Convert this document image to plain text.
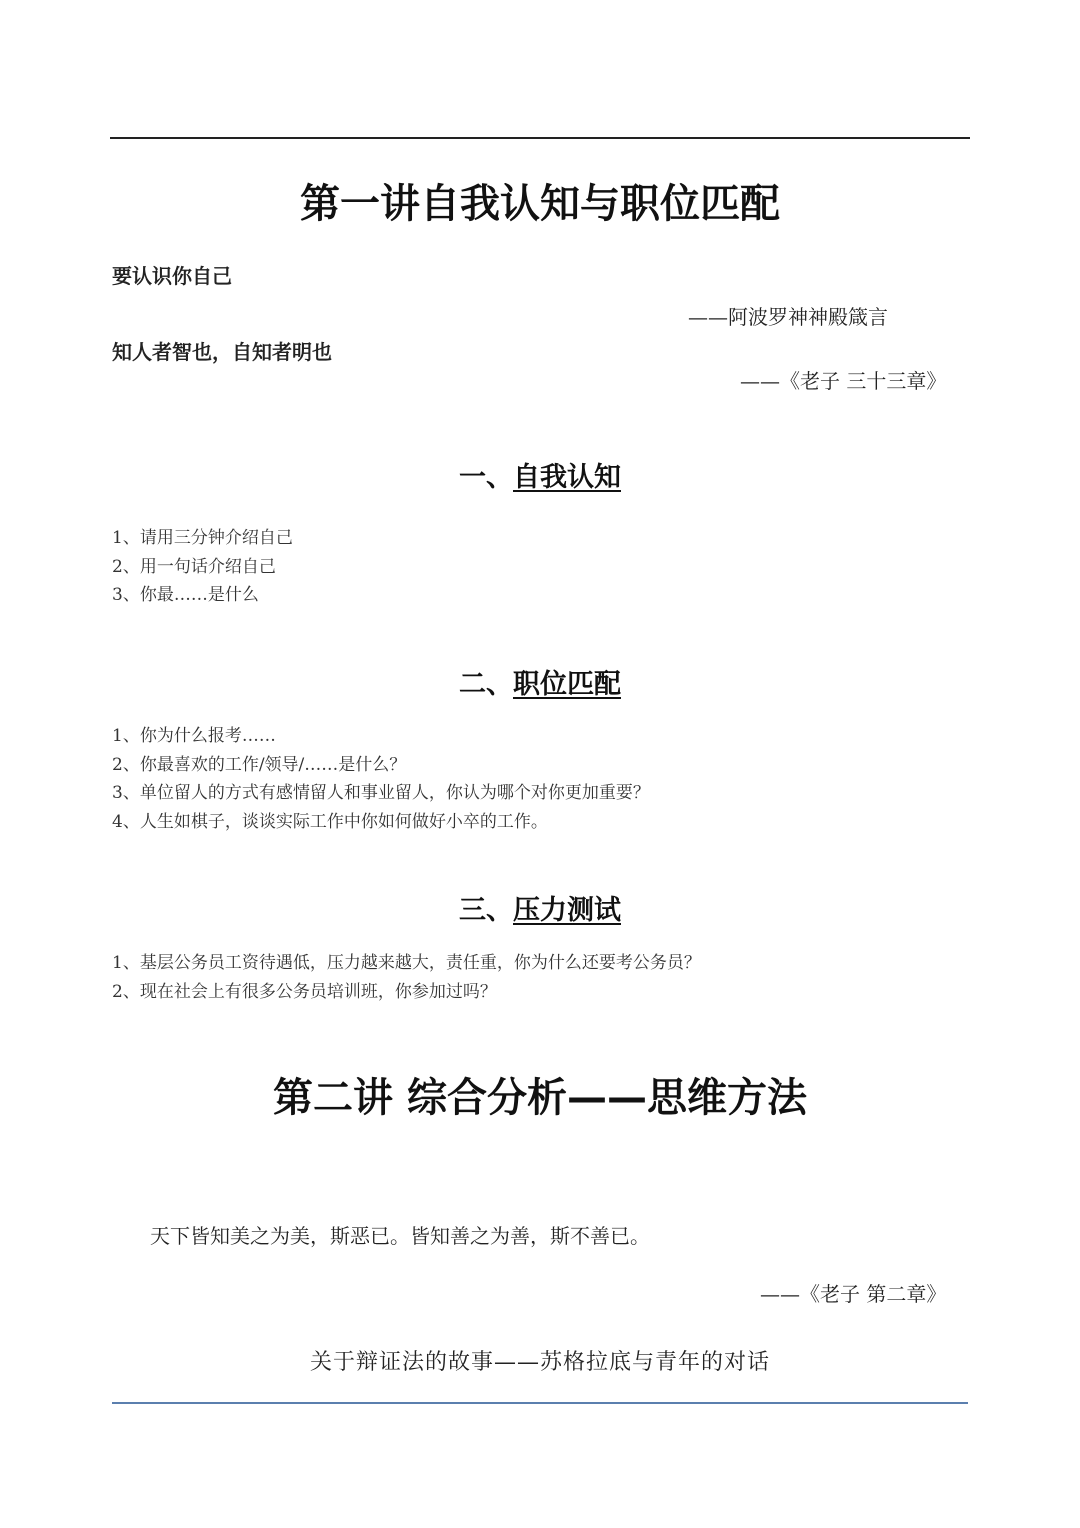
第一讲自我认知与职位匹配

要认识你自己

——阿波罗神神殿箴言

知人者智也，自知者明也

——《老子 三十三章》

一、自我认知
1、请用三分钟介绍自己
2、用一句话介绍自己
3、你最……是什么
二、职位匹配
1、你为什么报考……
2、你最喜欢的工作/领导/……是什么？
3、单位留人的方式有感情留人和事业留人，你认为哪个对你更加重要？
4、人生如棋子，谈谈实际工作中你如何做好小卒的工作。
三、压力测试
1、基层公务员工资待遇低，压力越来越大，责任重，你为什么还要考公务员？
2、现在社会上有很多公务员培训班，你参加过吗？
第二讲 综合分析——思维方法

天下皆知美之为美，斯恶已。皆知善之为善，斯不善已。

——《老子 第二章》

关于辩证法的故事——苏格拉底与青年的对话
